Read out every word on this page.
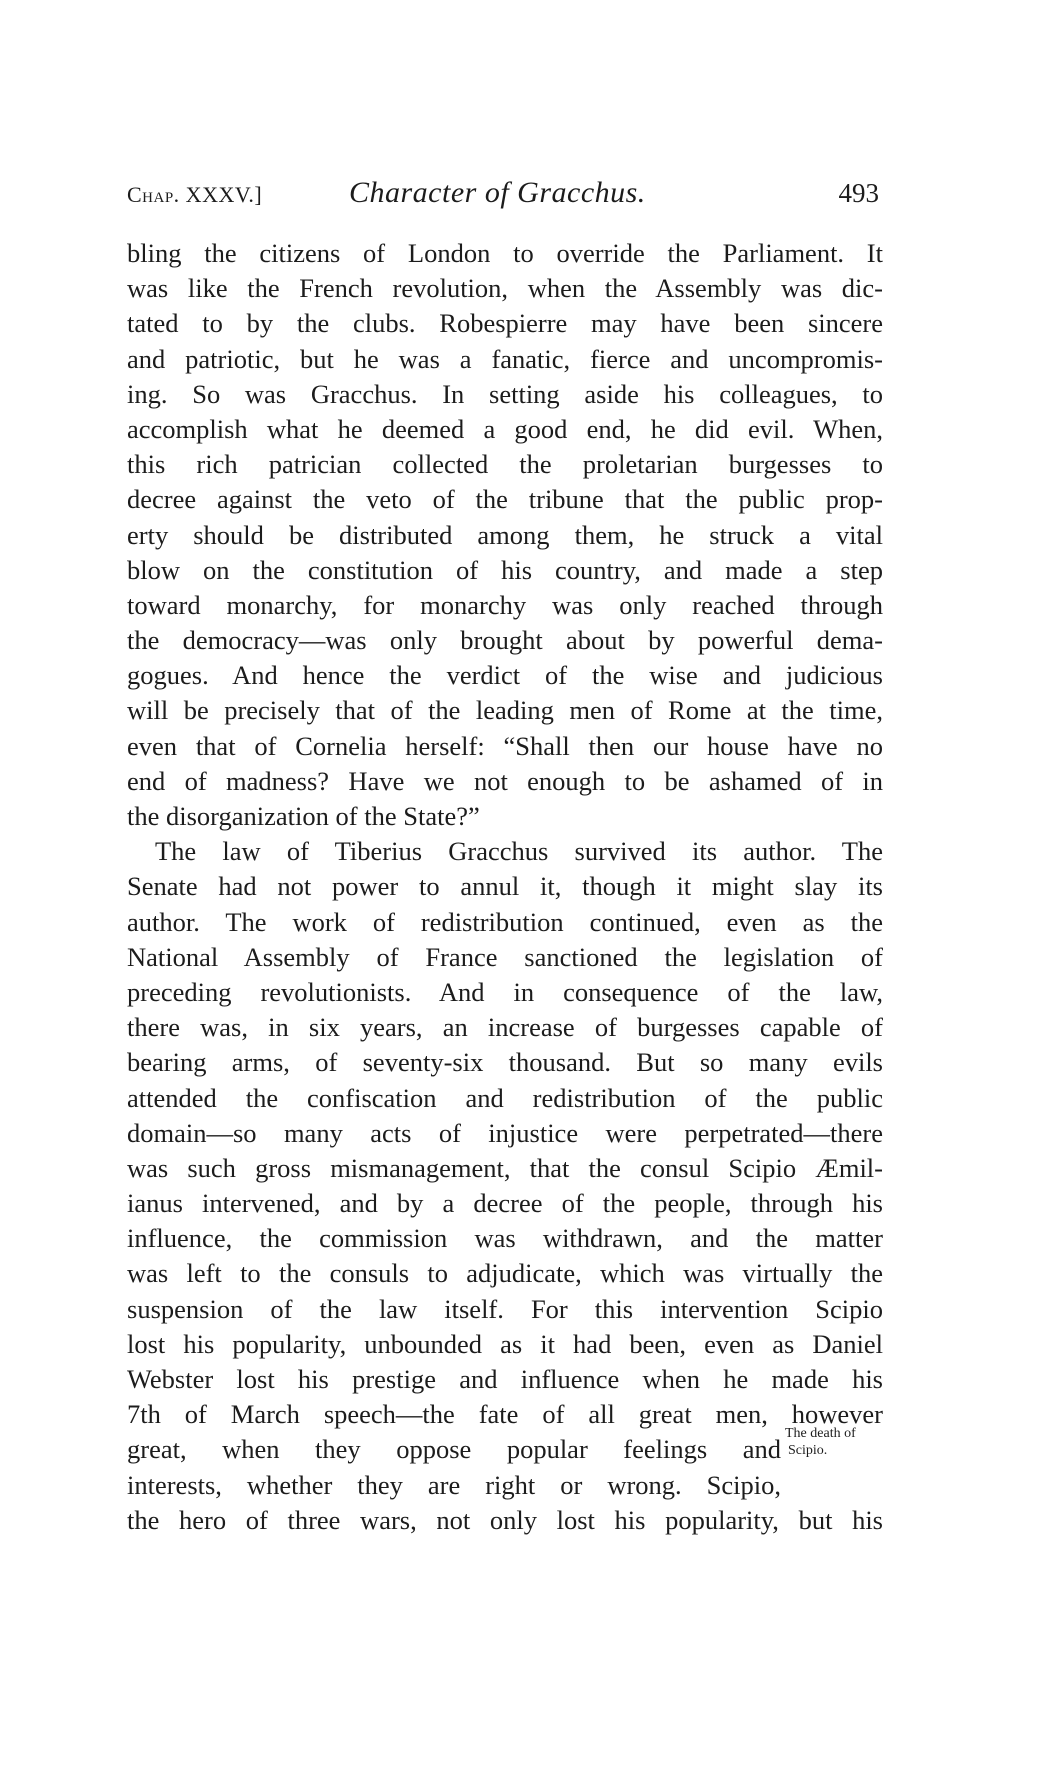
Chap. XXXV.]	Character of Gracchus.	493
bling the citizens of London to override the Parliament. It
was like the French revolution, when the Assembly was dic-
tated to by the clubs. Robespierre may have been sincere
and patriotic, but he was a fanatic, fierce and uncompromis-
ing. So was Gracchus. In setting aside his colleagues, to
accomplish what he deemed a good end, he did evil. When,
this rich patrician collected the proletarian burgesses to
decree against the veto of the tribune that the public prop-
erty should be distributed among them, he struck a vital
blow on the constitution of his country, and made a step
toward monarchy, for monarchy was only reached through
the democracy—was only brought about by powerful dema-
gogues. And hence the verdict of the wise and judicious
will be precisely that of the leading men of Rome at the time,
even that of Cornelia herself: “Shall then our house have no
end of madness? Have we not enough to be ashamed of in
the disorganization of the State?”
The law of Tiberius Gracchus survived its author. The
Senate had not power to annul it, though it might slay its
author. The work of redistribution continued, even as the
National Assembly of France sanctioned the legislation of
preceding revolutionists. And in consequence of the law,
there was, in six years, an increase of burgesses capable of
bearing arms, of seventy-six thousand. But so many evils
attended the confiscation and redistribution of the public
domain—so many acts of injustice were perpetrated—there
was such gross mismanagement, that the consul Scipio Æmil-
ianus intervened, and by a decree of the people, through his
influence, the commission was withdrawn, and the matter
was left to the consuls to adjudicate, which was virtually the
suspension of the law itself. For this intervention Scipio
lost his popularity, unbounded as it had been, even as Daniel
Webster lost his prestige and influence when he made his
7th of March speech—the fate of all great men, however
great, when they oppose popular feelings and
interests, whether they are right or wrong. Scipio,
the hero of three wars, not only lost his popularity, but his
The death of
Scipio.
